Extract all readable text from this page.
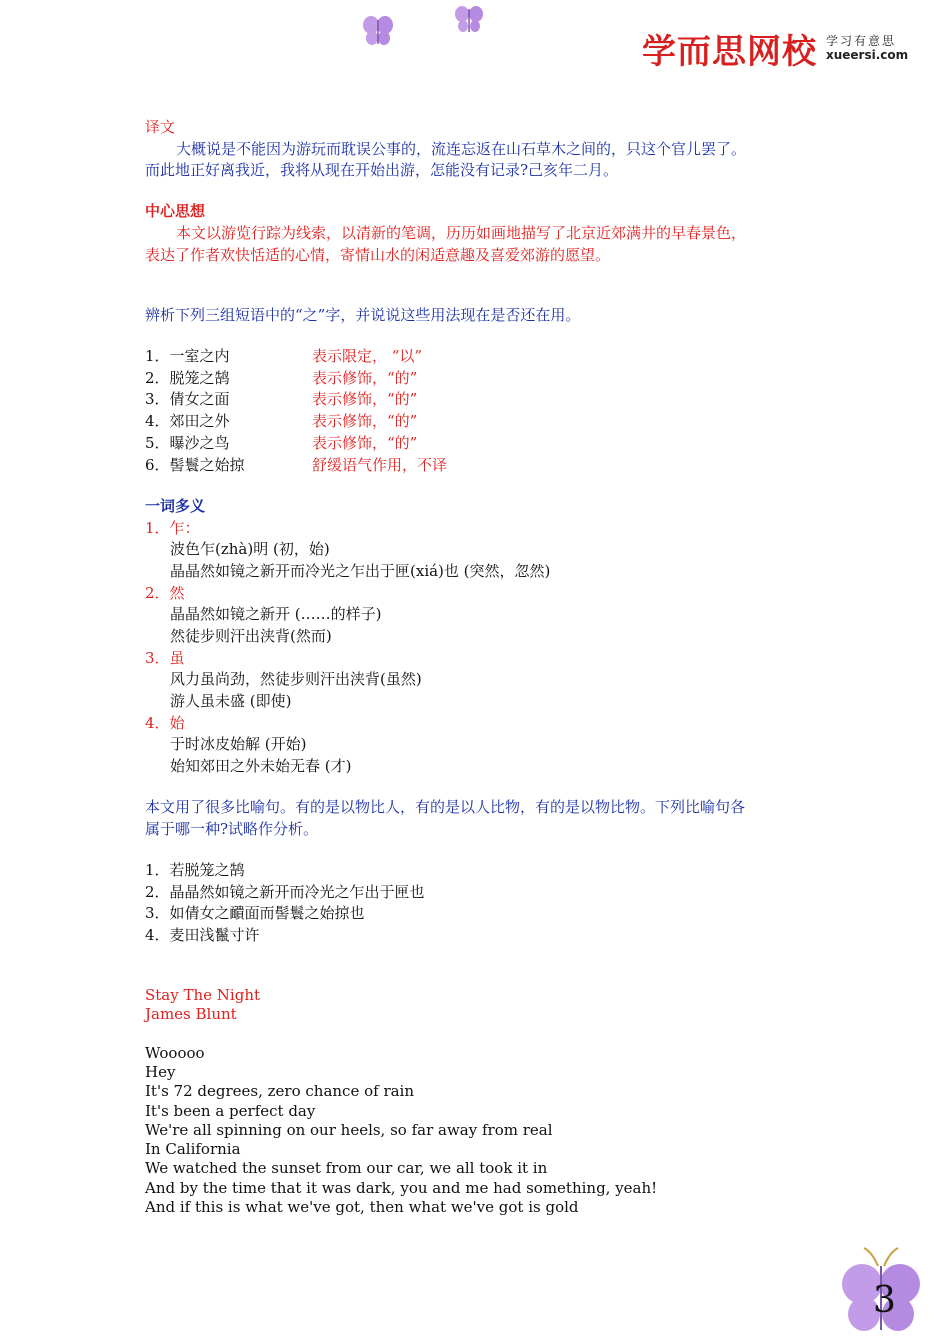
学而思网校 学习有意思
xueersi.com
译文
大概说是不能因为游玩而耽误公事的，流连忘返在山石草木之间的，只这个官儿罢了。
而此地正好离我近，我将从现在开始出游，怎能没有记录?己亥年二月。
中心思想
本文以游览行踪为线索，以清新的笔调，历历如画地描写了北京近郊满井的早春景色，
表达了作者欢快恬适的心情，寄情山水的闲适意趣及喜爱郊游的愿望。
辨析下列三组短语中的“之”字，并说说这些用法现在是否还在用。
1．一室之内	表示限定， “以”
2．脱笼之鹄	表示修饰，“的”
3．倩女之面	表示修饰，“的”
4．郊田之外	表示修饰，“的”
5．曝沙之鸟	表示修饰，“的”
6．髻鬟之始掠	舒缓语气作用，不译
一词多义
1．乍：
波色乍(zhà)明 (初，始)
晶晶然如镜之新开而冷光之乍出于匣(xiá)也 (突然，忽然)
2．然
晶晶然如镜之新开 (……的样子)
然徒步则汗出浃背(然而)
3．虽
风力虽尚劲，然徒步则汗出浃背(虽然)
游人虽未盛 (即使)
4．始
于时冰皮始解 (开始)
始知郊田之外未始无春 (才)
本文用了很多比喻句。有的是以物比人，有的是以人比物，有的是以物比物。下列比喻句各
属于哪一种?试略作分析。
1．若脱笼之鹄
2．晶晶然如镜之新开而冷光之乍出于匣也
3．如倩女之靧面而髻鬟之始掠也
4．麦田浅鬣寸许
Stay The Night
James Blunt
Wooooo
Hey
It's 72 degrees, zero chance of rain
It's been a perfect day
We're all spinning on our heels, so far away from real
In California
We watched the sunset from our car, we all took it in
And by the time that it was dark, you and me had something, yeah!
And if this is what we've got, then what we've got is gold
3
